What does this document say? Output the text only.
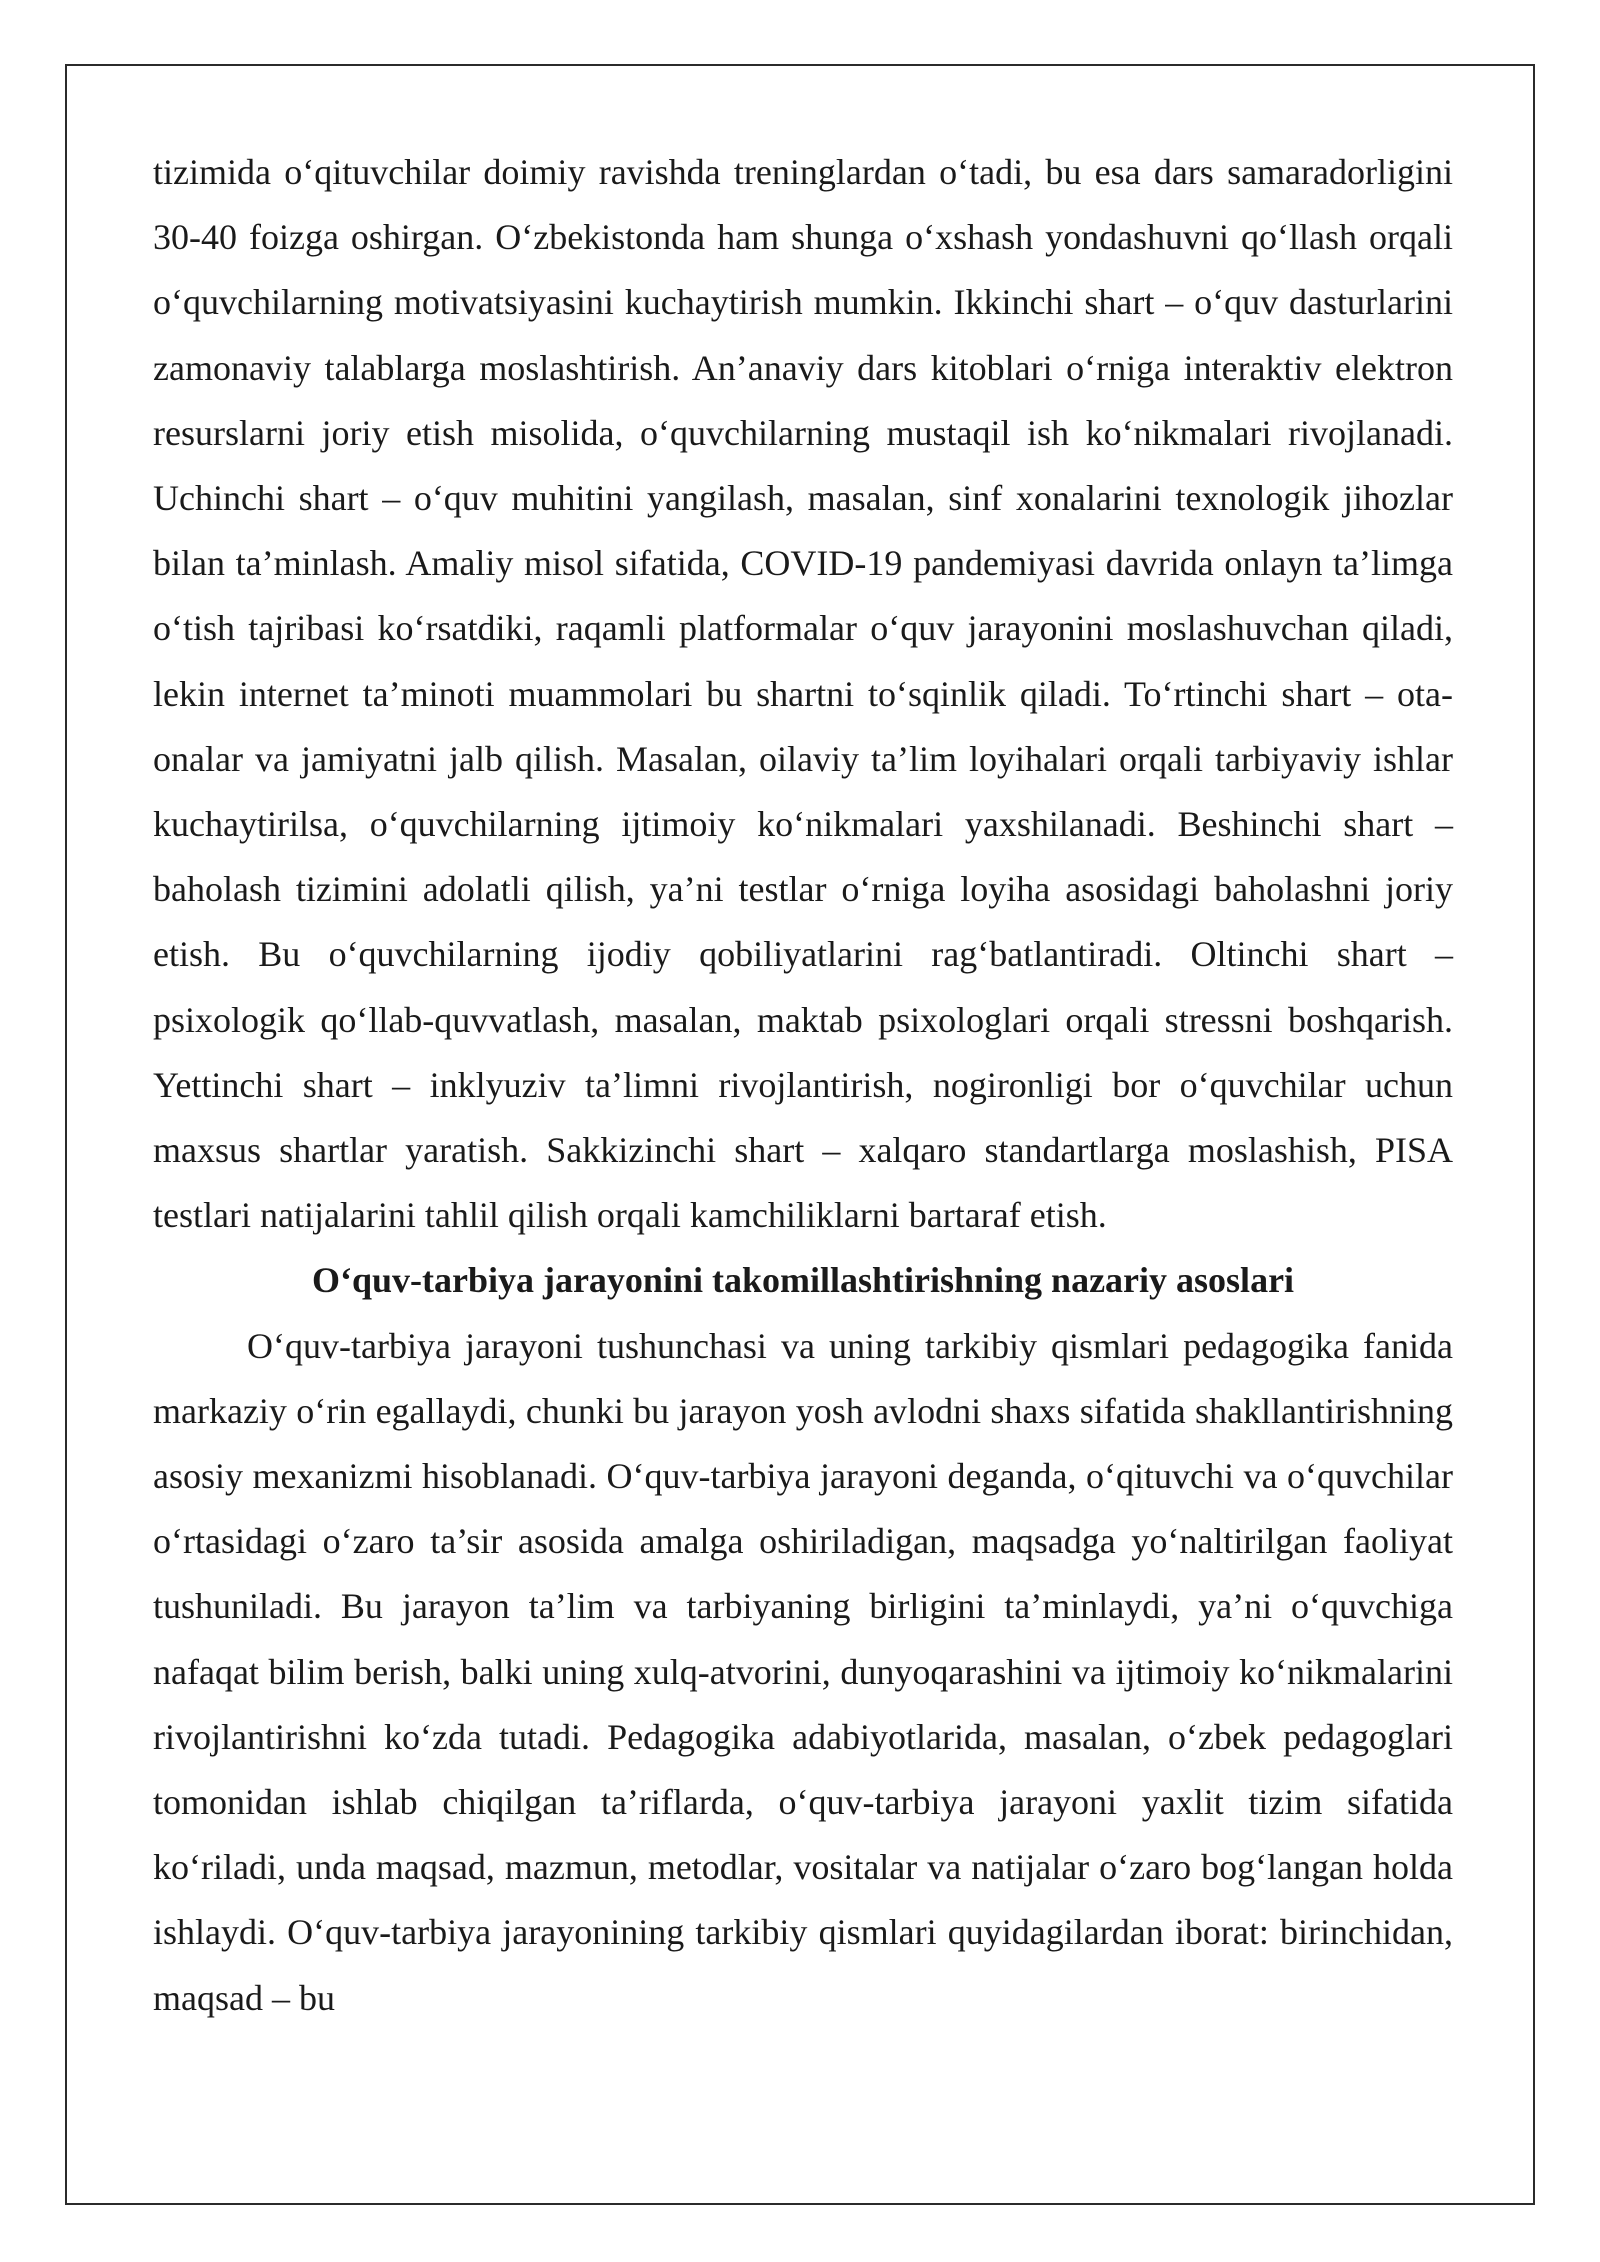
tizimida oʻqituvchilar doimiy ravishda treninglardan oʻtadi, bu esa dars samaradorligini 30-40 foizga oshirgan. Oʻzbekistonda ham shunga oʻxshash yondashuvni qoʻllash orqali oʻquvchilarning motivatsiyasini kuchaytirish mumkin. Ikkinchi shart – oʻquv dasturlarini zamonaviy talablarga moslashtirish. An’anaviy dars kitoblari oʻrniga interaktiv elektron resurslarni joriy etish misolida, oʻquvchilarning mustaqil ish koʻnikmalari rivojlanadi. Uchinchi shart – oʻquv muhitini yangilash, masalan, sinf xonalarini texnologik jihozlar bilan ta’minlash. Amaliy misol sifatida, COVID-19 pandemiyasi davrida onlayn ta’limga oʻtish tajribasi koʻrsatdiki, raqamli platformalar oʻquv jarayonini moslashuvchan qiladi, lekin internet ta’minoti muammolari bu shartni toʻsqinlik qiladi. Toʻrtinchi shart – ota-onalar va jamiyatni jalb qilish. Masalan, oilaviy ta’lim loyihalari orqali tarbiyaviy ishlar kuchaytirilsa, oʻquvchilarning ijtimoiy koʻnikmalari yaxshilanadi. Beshinchi shart – baholash tizimini adolatli qilish, ya’ni testlar oʻrniga loyiha asosidagi baholashni joriy etish. Bu oʻquvchilarning ijodiy qobiliyatlarini ragʻbatlantiradi. Oltinchi shart – psixologik qoʻllab-quvvatlash, masalan, maktab psixologlari orqali stressni boshqarish. Yettinchi shart – inklyuziv ta’limni rivojlantirish, nogironligi bor oʻquvchilar uchun maxsus shartlar yaratish. Sakkizinchi shart – xalqaro standartlarga moslashish, PISA testlari natijalarini tahlil qilish orqali kamchiliklarni bartaraf etish.

Oʻquv-tarbiya jarayonini takomillashtirishning nazariy asoslari

Oʻquv-tarbiya jarayoni tushunchasi va uning tarkibiy qismlari pedagogika fanida markaziy oʻrin egallaydi, chunki bu jarayon yosh avlodni shaxs sifatida shakllantirishning asosiy mexanizmi hisoblanadi. Oʻquv-tarbiya jarayoni deganda, oʻqituvchi va oʻquvchilar oʻrtasidagi oʻzaro ta’sir asosida amalga oshiriladigan, maqsadga yoʻnaltirilgan faoliyat tushuniladi. Bu jarayon ta’lim va tarbiyaning birligini ta’minlaydi, ya’ni oʻquvchiga nafaqat bilim berish, balki uning xulq-atvorini, dunyoqarashini va ijtimoiy koʻnikmalarini rivojlantirishni koʻzda tutadi. Pedagogika adabiyotlarida, masalan, oʻzbek pedagoglari tomonidan ishlab chiqilgan ta’riflarda, oʻquv-tarbiya jarayoni yaxlit tizim sifatida koʻriladi, unda maqsad, mazmun, metodlar, vositalar va natijalar oʻzaro bogʻlangan holda ishlaydi. Oʻquv-tarbiya jarayonining tarkibiy qismlari quyidagilardan iborat: birinchidan, maqsad – bu
